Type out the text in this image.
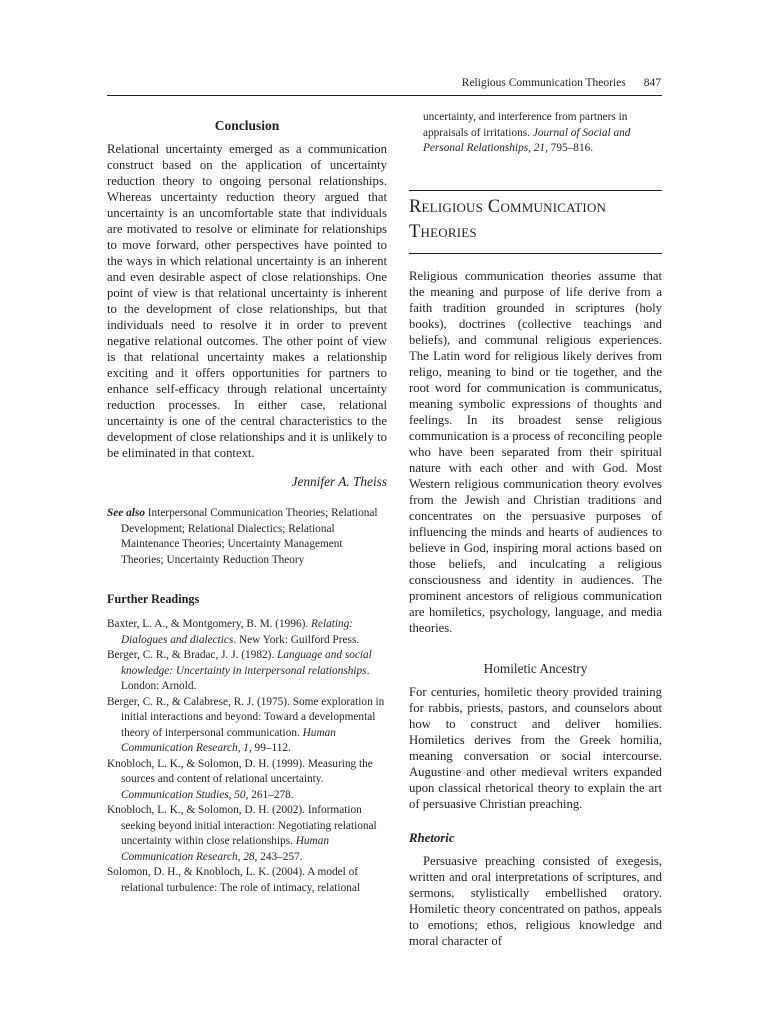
Religious Communication Theories 847
Conclusion

Relational uncertainty emerged as a communication construct based on the application of uncertainty reduction theory to ongoing personal relationships. Whereas uncertainty reduction theory argued that uncertainty is an uncomfortable state that individuals are motivated to resolve or eliminate for relationships to move forward, other perspectives have pointed to the ways in which relational uncertainty is an inherent and even desirable aspect of close relationships. One point of view is that relational uncertainty is inherent to the development of close relationships, but that individuals need to resolve it in order to prevent negative relational outcomes. The other point of view is that relational uncertainty makes a relationship exciting and it offers opportunities for partners to enhance self-efficacy through relational uncertainty reduction processes. In either case, relational uncertainty is one of the central characteristics to the development of close relationships and it is unlikely to be eliminated in that context.

Jennifer A. Theiss

See also Interpersonal Communication Theories; Relational Development; Relational Dialectics; Relational Maintenance Theories; Uncertainty Management Theories; Uncertainty Reduction Theory

Further Readings

Baxter, L. A., & Montgomery, B. M. (1996). Relating: Dialogues and dialectics. New York: Guilford Press.

Berger, C. R., & Bradac, J. J. (1982). Language and social knowledge: Uncertainty in interpersonal relationships. London: Arnold.

Berger, C. R., & Calabrese, R. J. (1975). Some exploration in initial interactions and beyond: Toward a developmental theory of interpersonal communication. Human Communication Research, 1, 99–112.

Knobloch, L. K., & Solomon, D. H. (1999). Measuring the sources and content of relational uncertainty. Communication Studies, 50, 261–278.

Knobloch, L. K., & Solomon, D. H. (2002). Information seeking beyond initial interaction: Negotiating relational uncertainty within close relationships. Human Communication Research, 28, 243–257.

Solomon, D. H., & Knobloch, L. K. (2004). A model of relational turbulence: The role of intimacy, relational

uncertainty, and interference from partners in appraisals of irritations. Journal of Social and Personal Relationships, 21, 795–816.

Religious Communication Theories

Religious communication theories assume that the meaning and purpose of life derive from a faith tradition grounded in scriptures (holy books), doctrines (collective teachings and beliefs), and communal religious experiences. The Latin word for religious likely derives from religo, meaning to bind or tie together, and the root word for communication is communicatus, meaning symbolic expressions of thoughts and feelings. In its broadest sense religious communication is a process of reconciling people who have been separated from their spiritual nature with each other and with God. Most Western religious communication theory evolves from the Jewish and Christian traditions and concentrates on the persuasive purposes of influencing the minds and hearts of audiences to believe in God, inspiring moral actions based on those beliefs, and inculcating a religious consciousness and identity in audiences. The prominent ancestors of religious communication are homiletics, psychology, language, and media theories.

Homiletic Ancestry

For centuries, homiletic theory provided training for rabbis, priests, pastors, and counselors about how to construct and deliver homilies. Homiletics derives from the Greek homilia, meaning conversation or social intercourse. Augustine and other medieval writers expanded upon classical rhetorical theory to explain the art of persuasive Christian preaching.

Rhetoric

Persuasive preaching consisted of exegesis, written and oral interpretations of scriptures, and sermons, stylistically embellished oratory. Homiletic theory concentrated on pathos, appeals to emotions; ethos, religious knowledge and moral character of
